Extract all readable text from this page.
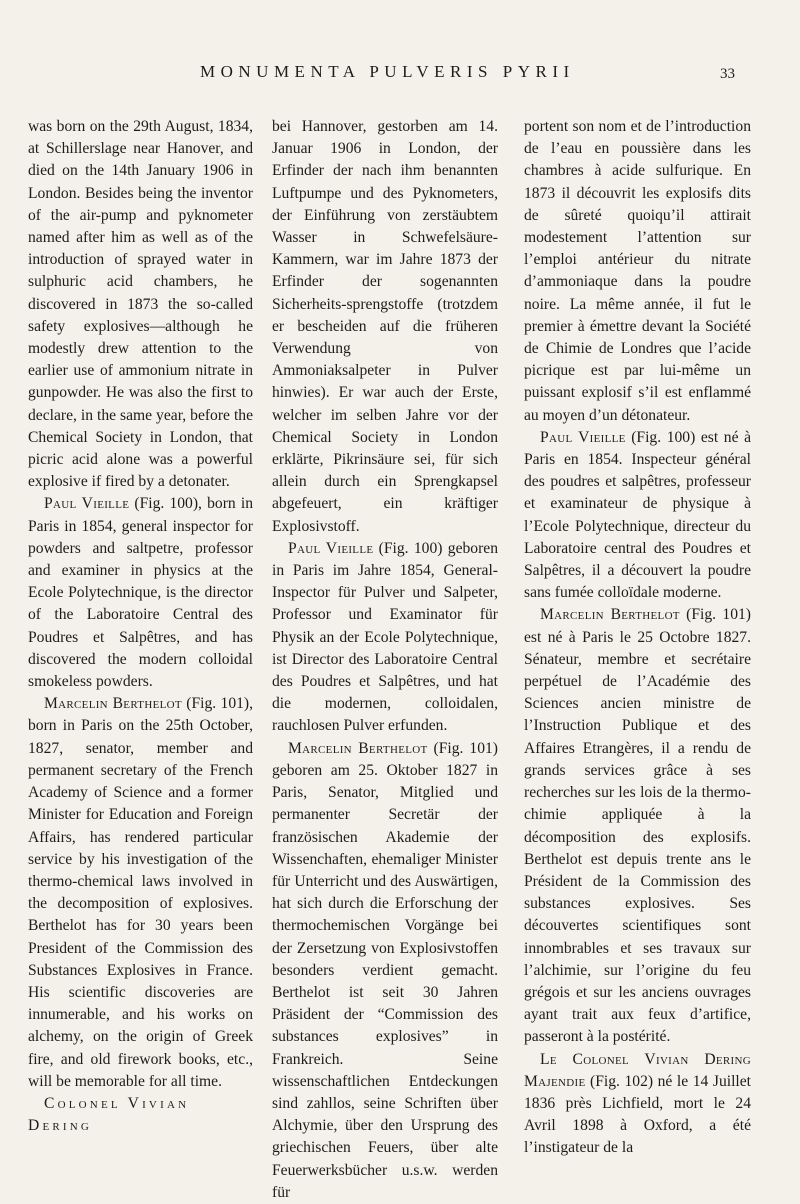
MONUMENTA PULVERIS PYRII	33

was born on the 29th August, 1834, at Schillerslage near Hanover, and died on the 14th January 1906 in London. Besides being the inventor of the air-pump and pyknometer named after him as well as of the introduction of sprayed water in sulphuric acid chambers, he discovered in 1873 the so-called safety explosives—although he modestly drew attention to the earlier use of ammonium nitrate in gunpowder. He was also the first to declare, in the same year, before the Chemical Society in London, that picric acid alone was a powerful explosive if fired by a detonater.

Paul Vieille (Fig. 100), born in Paris in 1854, general inspector for powders and saltpetre, professor and examiner in physics at the Ecole Polytechnique, is the director of the Laboratoire Central des Poudres et Salpêtres, and has discovered the modern colloidal smokeless powders.

Marcelin Berthelot (Fig. 101), born in Paris on the 25th October, 1827, senator, member and permanent secretary of the French Academy of Science and a former Minister for Education and Foreign Affairs, has rendered particular service by his investigation of the thermo-chemical laws involved in the decomposition of explosives. Berthelot has for 30 years been President of the Commission des Substances Explosives in France. His scientific discoveries are innumerable, and his works on alchemy, on the origin of Greek fire, and old firework books, etc., will be memorable for all time.

Colonel Vivian Dering

bei Hannover, gestorben am 14. Januar 1906 in London, der Erfinder der nach ihm benannten Luftpumpe und des Pyknometers, der Einführung von zerstäubtem Wasser in Schwefelsäure-Kammern, war im Jahre 1873 der Erfinder der sogenannten Sicherheits-sprengstoffe (trotzdem er bescheiden auf die früheren Verwendung von Ammoniaksalpeter in Pulver hinwies). Er war auch der Erste, welcher im selben Jahre vor der Chemical Society in London erklärte, Pikrinsäure sei, für sich allein durch ein Sprengkapsel abgefeuert, ein kräftiger Explosivstoff.

Paul Vieille (Fig. 100) geboren in Paris im Jahre 1854, General-Inspector für Pulver und Salpeter, Professor und Examinator für Physik an der Ecole Polytechnique, ist Director des Laboratoire Central des Poudres et Salpêtres, und hat die modernen, colloidalen, rauchlosen Pulver erfunden.

Marcelin Berthelot (Fig. 101) geboren am 25. Oktober 1827 in Paris, Senator, Mitglied und permanenter Secretär der französischen Akademie der Wissenchaften, ehemaliger Minister für Unterricht und des Auswärtigen, hat sich durch die Erforschung der thermochemischen Vorgänge bei der Zersetzung von Explosivstoffen besonders verdient gemacht. Berthelot ist seit 30 Jahren Präsident der “Commission des substances explosives” in Frankreich. Seine wissenschaftlichen Entdeckungen sind zahllos, seine Schriften über Alchymie, über den Ursprung des griechischen Feuers, über alte Feuerwerksbücher u.s.w. werden für

portent son nom et de l’introduction de l’eau en poussière dans les chambres à acide sulfurique. En 1873 il découvrit les explosifs dits de sûreté quoiqu’il attirait modestement l’attention sur l’emploi antérieur du nitrate d’ammoniaque dans la poudre noire. La même année, il fut le premier à émettre devant la Société de Chimie de Londres que l’acide picrique est par lui-même un puissant explosif s’il est enflammé au moyen d’un détonateur.

Paul Vieille (Fig. 100) est né à Paris en 1854. Inspecteur général des poudres et salpêtres, professeur et examinateur de physique à l’Ecole Polytechnique, directeur du Laboratoire central des Poudres et Salpêtres, il a découvert la poudre sans fumée colloïdale moderne.

Marcelin Berthelot (Fig. 101) est né à Paris le 25 Octobre 1827. Sénateur, membre et secrétaire perpétuel de l’Académie des Sciences ancien ministre de l’Instruction Publique et des Affaires Etrangères, il a rendu de grands services grâce à ses recherches sur les lois de la thermo-chimie appliquée à la décomposition des explosifs. Berthelot est depuis trente ans le Président de la Commission des substances explosives. Ses découvertes scientifiques sont innombrables et ses travaux sur l’alchimie, sur l’origine du feu grégois et sur les anciens ouvrages ayant trait aux feux d’artifice, passeront à la postérité.

Le Colonel Vivian Dering Majendie (Fig. 102) né le 14 Juillet 1836 près Lichfield, mort le 24 Avril 1898 à Oxford, a été l’instigateur de la
